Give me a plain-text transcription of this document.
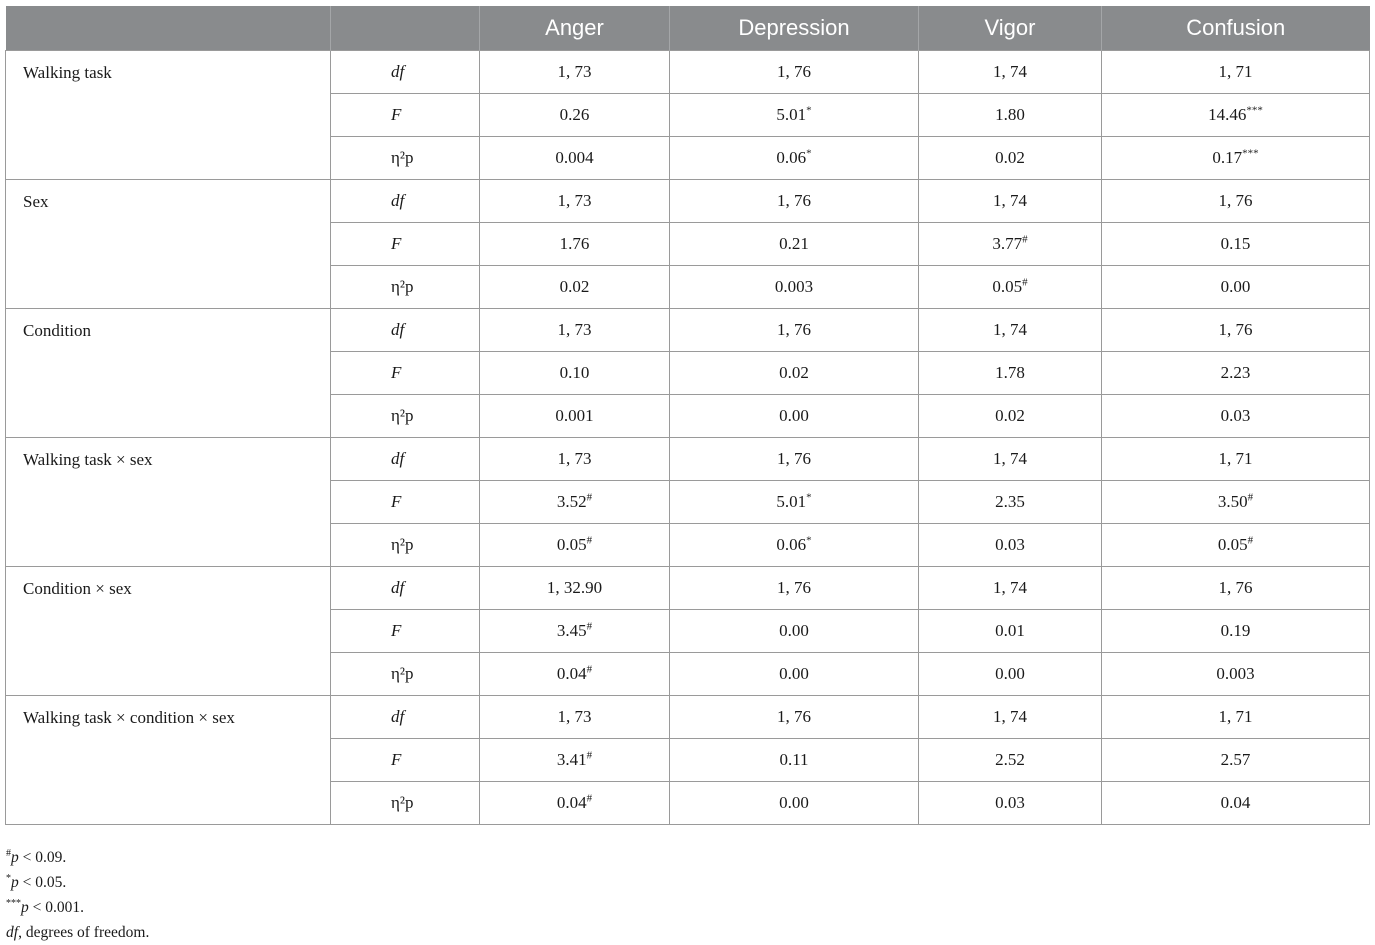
		Anger	Depression	Vigor	Confusion
Walking task	df	1, 73	1, 76	1, 74	1, 71
	F	0.26	5.01*	1.80	14.46***
	η²p	0.004	0.06*	0.02	0.17***
Sex	df	1, 73	1, 76	1, 74	1, 76
	F	1.76	0.21	3.77#	0.15
	η²p	0.02	0.003	0.05#	0.00
Condition	df	1, 73	1, 76	1, 74	1, 76
	F	0.10	0.02	1.78	2.23
	η²p	0.001	0.00	0.02	0.03
Walking task × sex	df	1, 73	1, 76	1, 74	1, 71
	F	3.52#	5.01*	2.35	3.50#
	η²p	0.05#	0.06*	0.03	0.05#
Condition × sex	df	1, 32.90	1, 76	1, 74	1, 76
	F	3.45#	0.00	0.01	0.19
	η²p	0.04#	0.00	0.00	0.003
Walking task × condition × sex	df	1, 73	1, 76	1, 74	1, 71
	F	3.41#	0.11	2.52	2.57
	η²p	0.04#	0.00	0.03	0.04
#p < 0.09.
*p < 0.05.
***p < 0.001.
df, degrees of freedom.
